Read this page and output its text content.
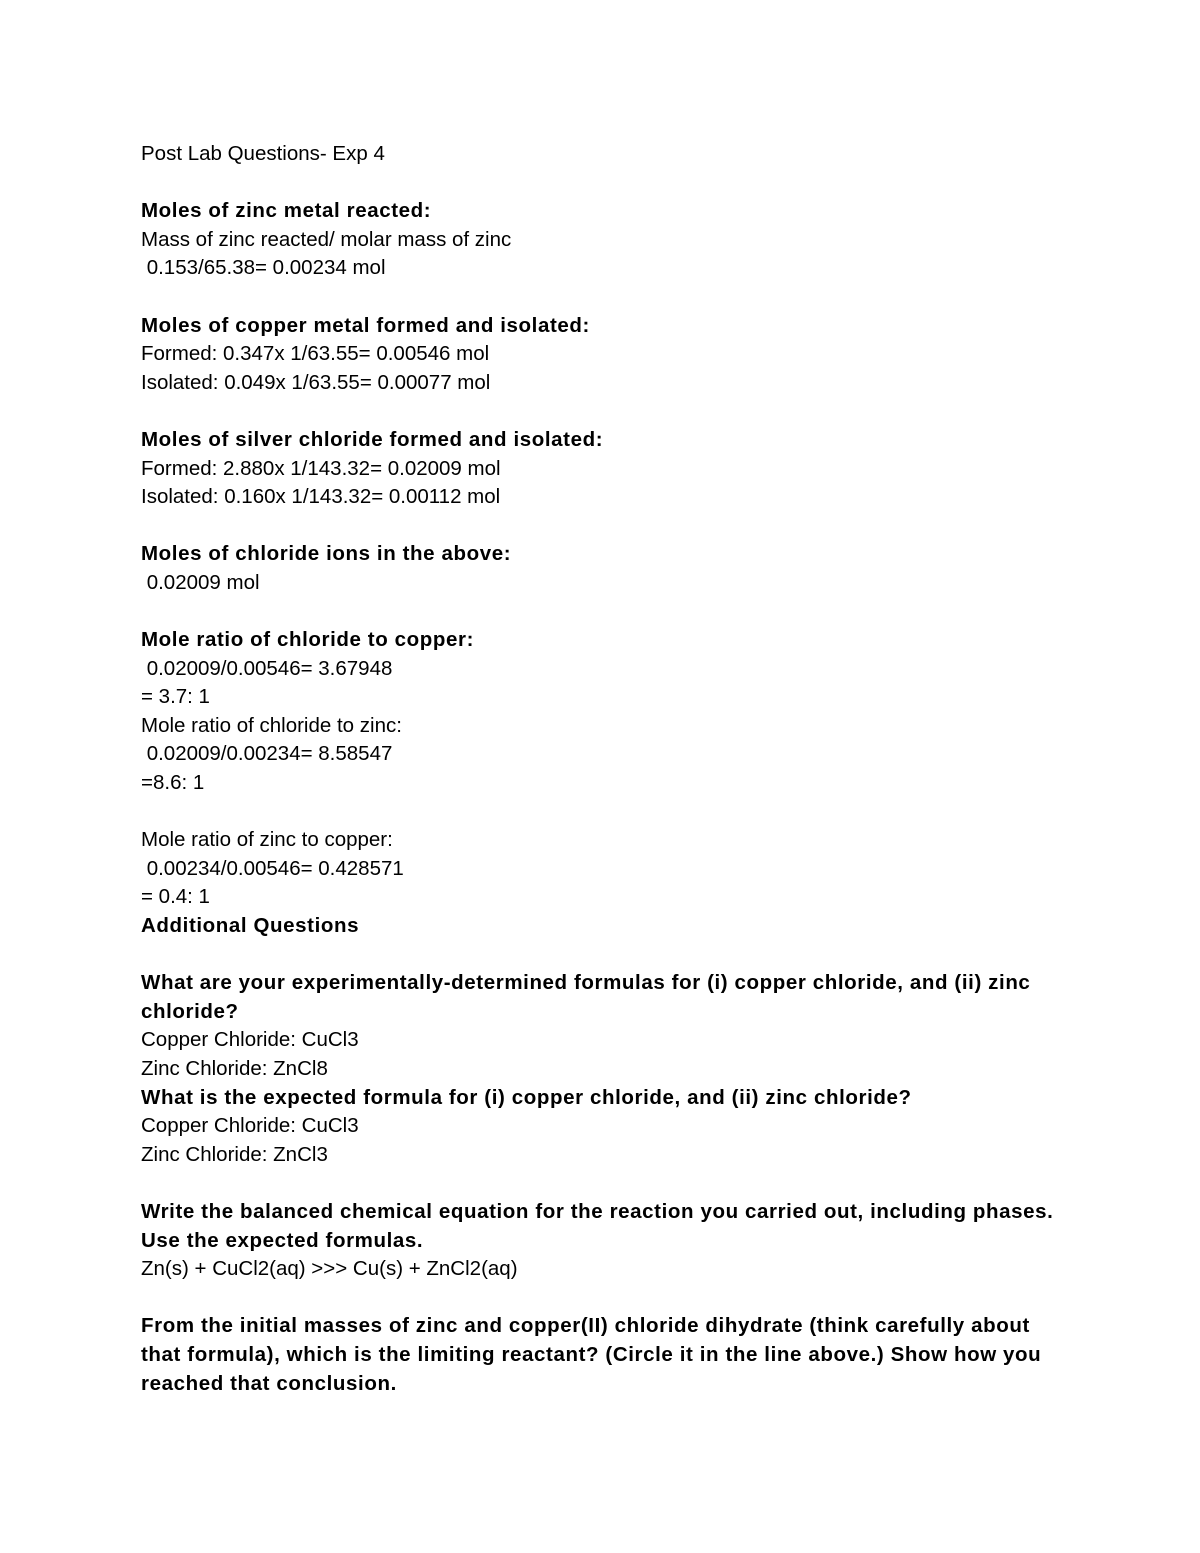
Post Lab Questions- Exp 4
Moles of zinc metal reacted:
Mass of zinc reacted/ molar mass of zinc
0.153/65.38= 0.00234 mol
Moles of copper metal formed and isolated:
Formed: 0.347x 1/63.55= 0.00546 mol
Isolated: 0.049x 1/63.55= 0.00077 mol
Moles of silver chloride formed and isolated:
Formed: 2.880x 1/143.32= 0.02009 mol
Isolated: 0.160x 1/143.32= 0.00112 mol
Moles of chloride ions in the above:
0.02009 mol
Mole ratio of chloride to copper:
0.02009/0.00546= 3.67948
= 3.7: 1
Mole ratio of chloride to zinc:
0.02009/0.00234= 8.58547
=8.6: 1
Mole ratio of zinc to copper:
0.00234/0.00546= 0.428571
= 0.4: 1
Additional Questions
What are your experimentally-determined formulas for (i) copper chloride, and (ii) zinc chloride?
Copper Chloride: CuCl3
Zinc Chloride: ZnCl8
What is the expected formula for (i) copper chloride, and (ii) zinc chloride?
Copper Chloride: CuCl3
Zinc Chloride: ZnCl3
Write the balanced chemical equation for the reaction you carried out, including phases. Use the expected formulas.
Zn(s) + CuCl2(aq) >>> Cu(s) + ZnCl2(aq)
From the initial masses of zinc and copper(II) chloride dihydrate (think carefully about that formula), which is the limiting reactant? (Circle it in the line above.) Show how you reached that conclusion.
